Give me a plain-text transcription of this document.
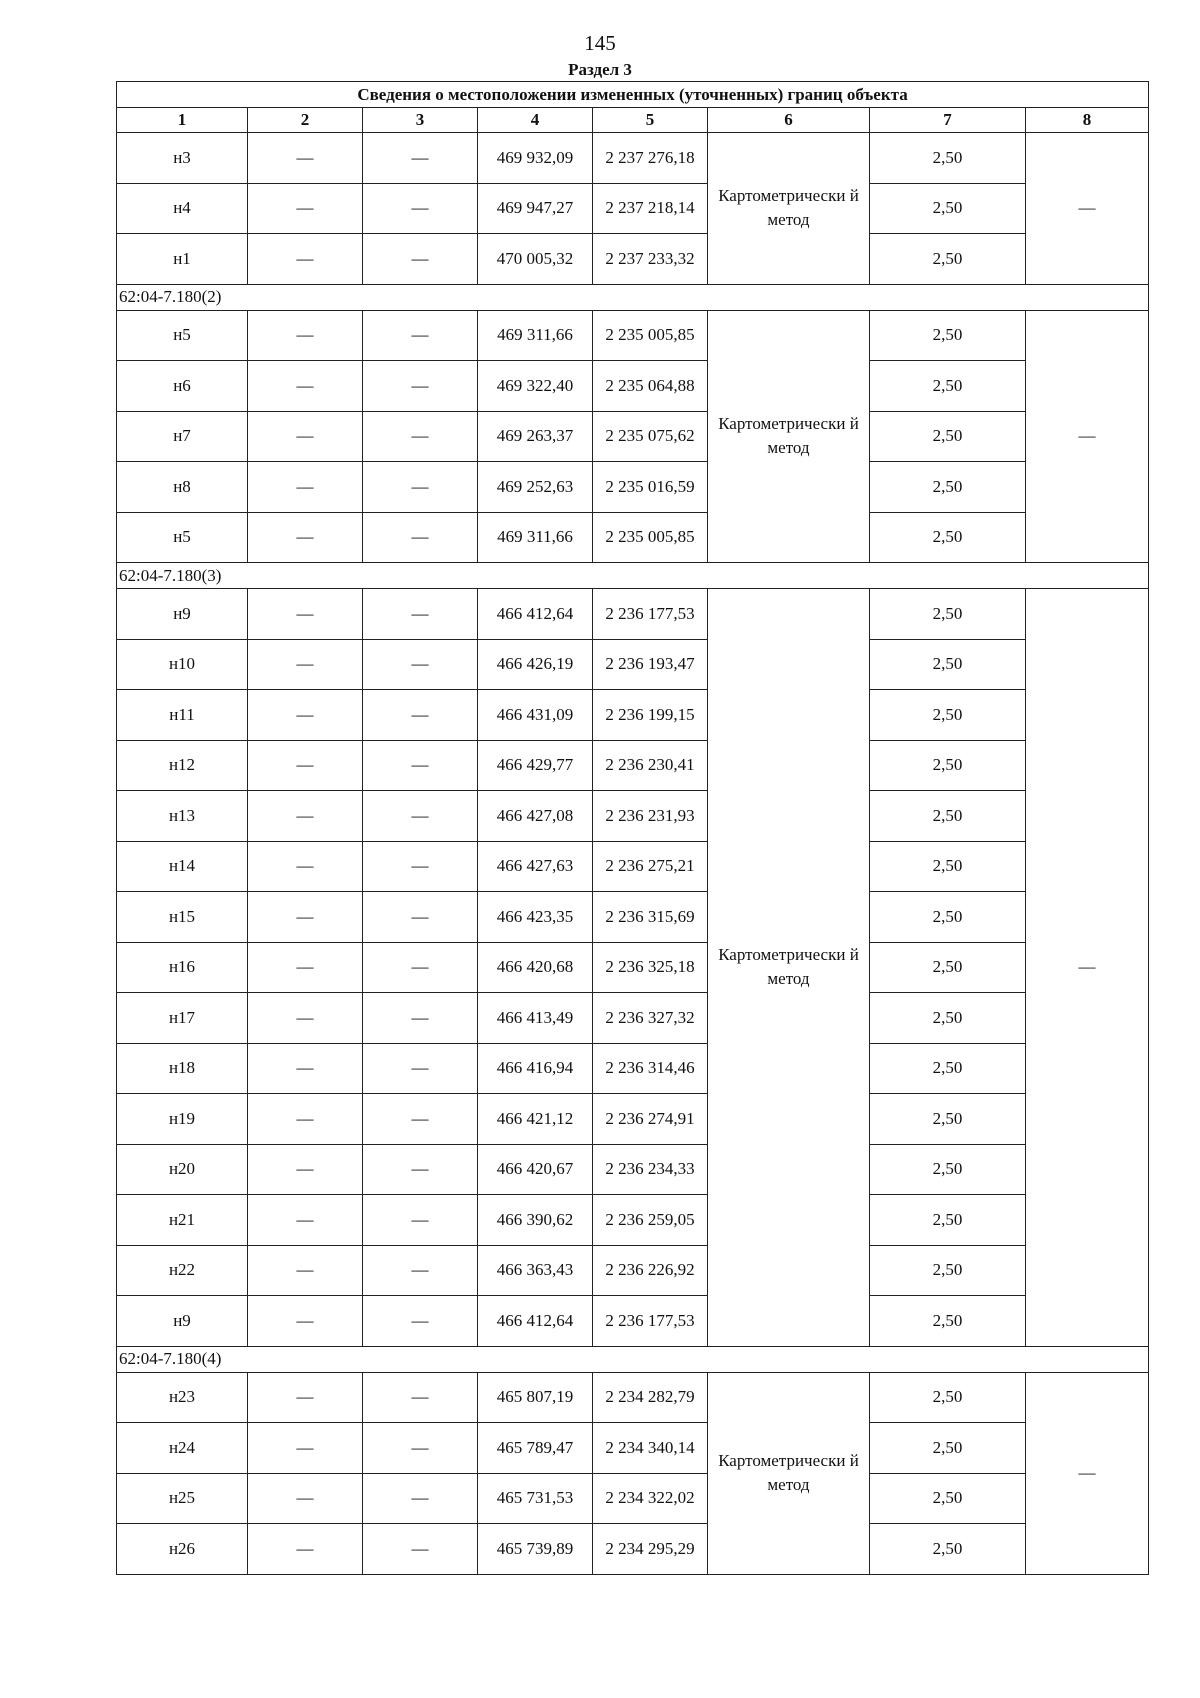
145
Раздел 3
Сведения о местоположении измененных (уточненных) границ объекта							
1	2	3	4	5	6	7	8
н3	—	—	469 932,09	2 237 276,18	Картометрически й метод	2,50	—
н4	—	—	469 947,27	2 237 218,14		2,50	
н1	—	—	470 005,32	2 237 233,32		2,50	
62:04-7.180(2)							
н5	—	—	469 311,66	2 235 005,85	Картометрически й метод	2,50	—
н6	—	—	469 322,40	2 235 064,88		2,50	
н7	—	—	469 263,37	2 235 075,62		2,50	
н8	—	—	469 252,63	2 235 016,59		2,50	
н5	—	—	469 311,66	2 235 005,85		2,50	
62:04-7.180(3)							
н9	—	—	466 412,64	2 236 177,53	Картометрически й метод	2,50	—
н10	—	—	466 426,19	2 236 193,47		2,50	
н11	—	—	466 431,09	2 236 199,15		2,50	
н12	—	—	466 429,77	2 236 230,41		2,50	
н13	—	—	466 427,08	2 236 231,93		2,50	
н14	—	—	466 427,63	2 236 275,21		2,50	
н15	—	—	466 423,35	2 236 315,69		2,50	
н16	—	—	466 420,68	2 236 325,18		2,50	
н17	—	—	466 413,49	2 236 327,32		2,50	
н18	—	—	466 416,94	2 236 314,46		2,50	
н19	—	—	466 421,12	2 236 274,91		2,50	
н20	—	—	466 420,67	2 236 234,33		2,50	
н21	—	—	466 390,62	2 236 259,05		2,50	
н22	—	—	466 363,43	2 236 226,92		2,50	
н9	—	—	466 412,64	2 236 177,53		2,50	
62:04-7.180(4)							
н23	—	—	465 807,19	2 234 282,79	Картометрически й метод	2,50	—
н24	—	—	465 789,47	2 234 340,14		2,50	
н25	—	—	465 731,53	2 234 322,02		2,50	
н26	—	—	465 739,89	2 234 295,29		2,50	
